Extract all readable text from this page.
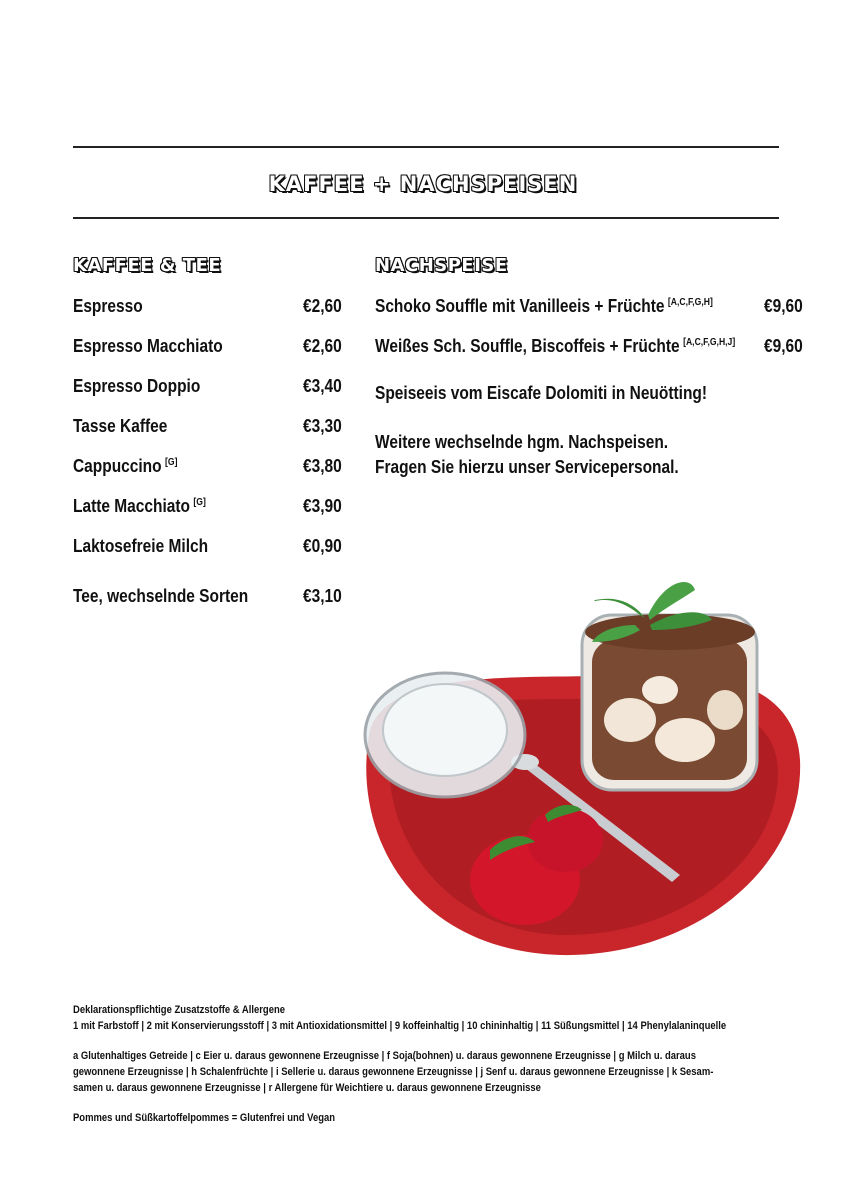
KAFFEE + NACHSPEISEN
KAFFEE & TEE
Espresso	€2,60
Espresso Macchiato	€2,60
Espresso Doppio	€3,40
Tasse Kaffee	€3,30
Cappuccino [G]	€3,80
Latte Macchiato [G]	€3,90
Laktosefreie Milch	€0,90
Tee, wechselnde Sorten	€3,10
NACHSPEISE
Schoko Souffle mit Vanilleeis + Früchte [A,C,F,G,H]	€9,60
Weißes Sch. Souffle, Biscoffeis + Früchte [A,C,F,G,H,J] €9,60
Speiseeis vom Eiscafe Dolomiti in Neuötting!
Weitere wechselnde hgm. Nachspeisen.
Fragen Sie hierzu unser Servicepersonal.
Deklarationspflichtige Zusatzstoffe & Allergene
1 mit Farbstoff | 2 mit Konservierungsstoff | 3 mit Antioxidationsmittel | 9 koffeinhaltig | 10 chininhaltig | 11 Süßungsmittel | 14 Phenylalaninquelle
a Glutenhaltiges Getreide | c Eier u. daraus gewonnene Erzeugnisse | f Soja(bohnen) u. daraus gewonnene Erzeugnisse | g Milch u. daraus
gewonnene Erzeugnisse | h Schalenfrüchte | i Sellerie u. daraus gewonnene Erzeugnisse | j Senf u. daraus gewonnene Erzeugnisse | k Sesam-
samen u. daraus gewonnene Erzeugnisse | r Allergene für Weichtiere u. daraus gewonnene Erzeugnisse
Pommes und Süßkartoffelpommes = Glutenfrei und Vegan
